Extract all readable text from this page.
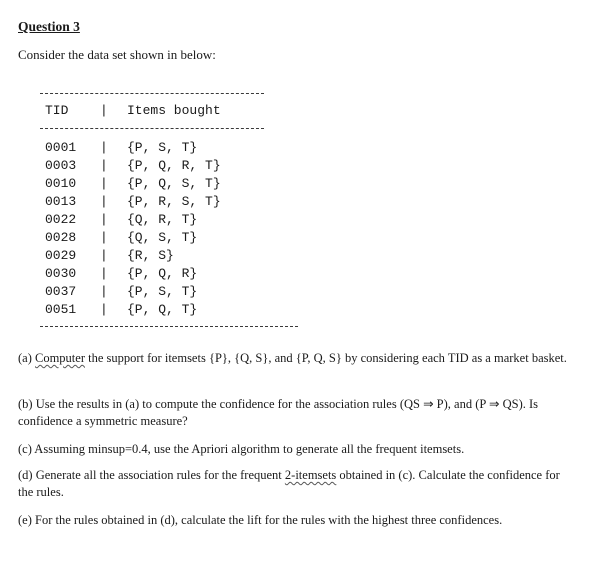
Question 3
Consider the data set shown in below:
TID | Items bought
0001 | {P, S, T}
0003 | {P, Q, R, T}
0010 | {P, Q, S, T}
0013 | {P, R, S, T}
0022 | {Q, R, T}
0028 | {Q, S, T}
0029 | {R, S}
0030 | {P, Q, R}
0037 | {P, S, T}
0051 | {P, Q, T}
(a) Computer the support for itemsets {P}, {Q, S}, and {P, Q, S} by considering each TID as a market basket.
(b) Use the results in (a) to compute the confidence for the association rules (QS ⇒ P), and (P ⇒ QS). Is confidence a symmetric measure?
(c) Assuming minsup=0.4, use the Apriori algorithm to generate all the frequent itemsets.
(d) Generate all the association rules for the frequent 2-itemsets obtained in (c). Calculate the confidence for the rules.
(e) For the rules obtained in (d), calculate the lift for the rules with the highest three confidences.
